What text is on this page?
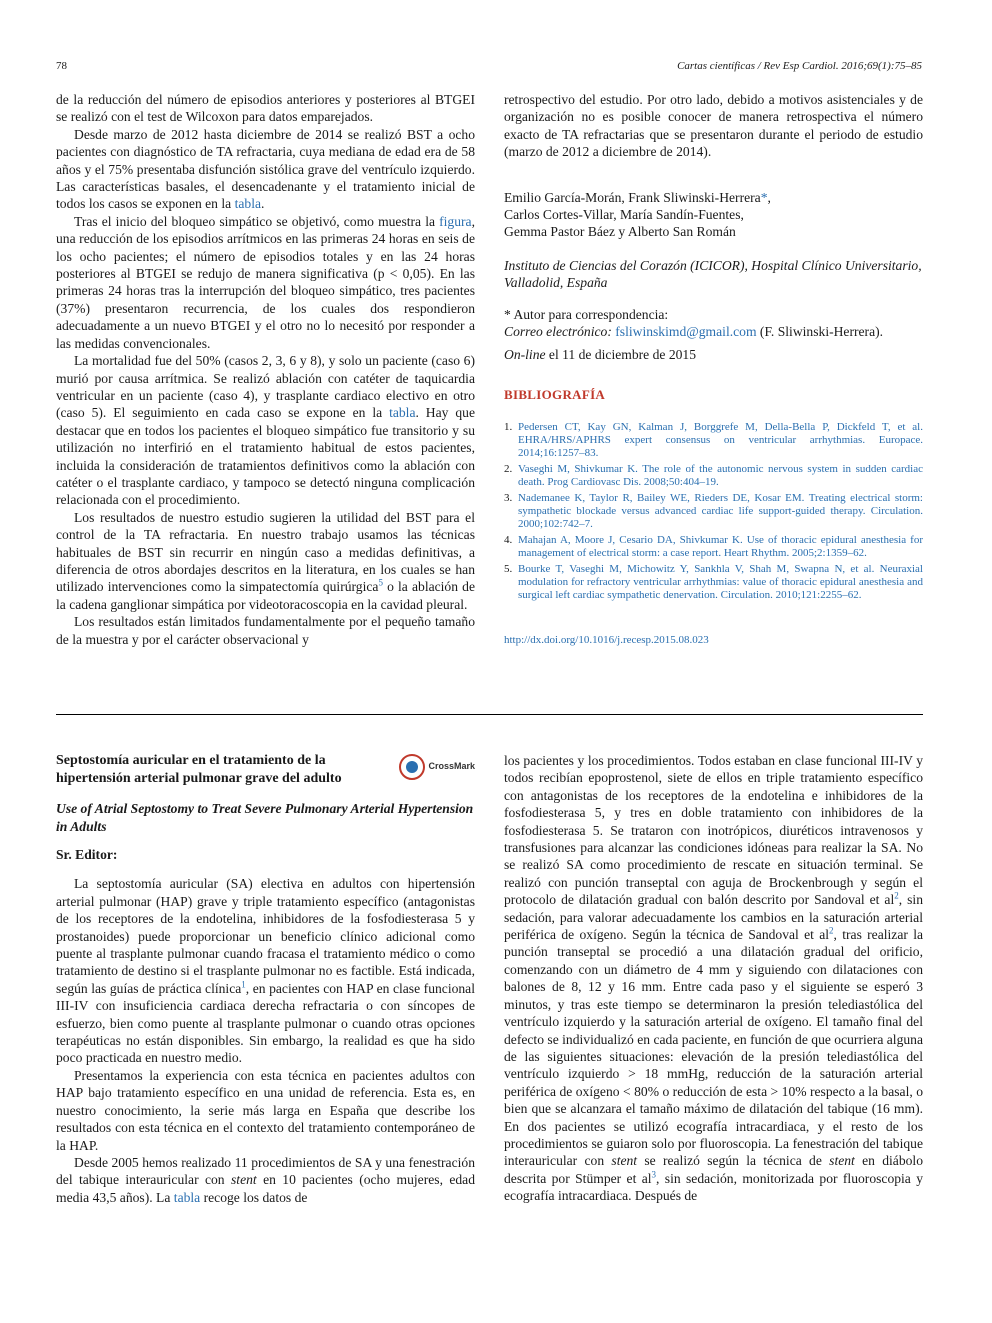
78	Cartas científicas / Rev Esp Cardiol. 2016;69(1):75–85

de la reducción del número de episodios anteriores y posteriores al BTGEI se realizó con el test de Wilcoxon para datos emparejados.

Desde marzo de 2012 hasta diciembre de 2014 se realizó BST a ocho pacientes con diagnóstico de TA refractaria, cuya mediana de edad era de 58 años y el 75% presentaba disfunción sistólica grave del ventrículo izquierdo. Las características basales, el desencadenante y el tratamiento inicial de todos los casos se exponen en la tabla.

Tras el inicio del bloqueo simpático se objetivó, como muestra la figura, una reducción de los episodios arrítmicos en las primeras 24 horas en seis de los ocho pacientes; el número de episodios totales y en las 24 horas posteriores al BTGEI se redujo de manera significativa (p < 0,05). En las primeras 24 horas tras la interrupción del bloqueo simpático, tres pacientes (37%) presentaron recurrencia, de los cuales dos respondieron adecuadamente a un nuevo BTGEI y el otro no lo necesitó por responder a las medidas convencionales.

La mortalidad fue del 50% (casos 2, 3, 6 y 8), y solo un paciente (caso 6) murió por causa arrítmica. Se realizó ablación con catéter de taquicardia ventricular en un paciente (caso 4), y trasplante cardiaco electivo en otro (caso 5). El seguimiento en cada caso se expone en la tabla. Hay que destacar que en todos los pacientes el bloqueo simpático fue transitorio y su utilización no interfirió en el tratamiento habitual de estos pacientes, incluida la consideración de tratamientos definitivos como la ablación con catéter o el trasplante cardiaco, y tampoco se detectó ninguna complicación relacionada con el procedimiento.

Los resultados de nuestro estudio sugieren la utilidad del BST para el control de la TA refractaria. En nuestro trabajo usamos las técnicas habituales de BST sin recurrir en ningún caso a medidas definitivas, a diferencia de otros abordajes descritos en la literatura, en los cuales se han utilizado intervenciones como la simpatectomía quirúrgica$^5$ o la ablación de la cadena ganglionar simpática por videotoracoscopia en la cavidad pleural.

Los resultados están limitados fundamentalmente por el pequeño tamaño de la muestra y por el carácter observacional y

retrospectivo del estudio. Por otro lado, debido a motivos asistenciales y de organización no es posible conocer de manera retrospectiva el número exacto de TA refractarias que se presentaron durante el periodo de estudio (marzo de 2012 a diciembre de 2014).

Emilio García-Morán, Frank Sliwinski-Herrera*,
Carlos Cortes-Villar, María Sandín-Fuentes,
Gemma Pastor Báez y Alberto San Román
Instituto de Ciencias del Corazón (ICICOR), Hospital Clínico Universitario, Valladolid, España
* Autor para correspondencia:
Correo electrónico: fsliwinskimd@gmail.com (F. Sliwinski-Herrera).
On-line el 11 de diciembre de 2015
BIBLIOGRAFÍA
1. Pedersen CT, Kay GN, Kalman J, Borggrefe M, Della-Bella P, Dickfeld T, et al. EHRA/HRS/APHRS expert consensus on ventricular arrhythmias. Europace. 2014;16:1257–83.
2. Vaseghi M, Shivkumar K. The role of the autonomic nervous system in sudden cardiac death. Prog Cardiovasc Dis. 2008;50:404–19.
3. Nademanee K, Taylor R, Bailey WE, Rieders DE, Kosar EM. Treating electrical storm: sympathetic blockade versus advanced cardiac life support-guided therapy. Circulation. 2000;102:742–7.
4. Mahajan A, Moore J, Cesario DA, Shivkumar K. Use of thoracic epidural anesthesia for management of electrical storm: a case report. Heart Rhythm. 2005;2:1359–62.
5. Bourke T, Vaseghi M, Michowitz Y, Sankhla V, Shah M, Swapna N, et al. Neuraxial modulation for refractory ventricular arrhythmias: value of thoracic epidural anesthesia and surgical left cardiac sympathetic denervation. Circulation. 2010;121:2255–62.
http://dx.doi.org/10.1016/j.recesp.2015.08.023
Septostomía auricular en el tratamiento de la hipertensión arterial pulmonar grave del adulto
CrossMark
Use of Atrial Septostomy to Treat Severe Pulmonary Arterial Hypertension in Adults
Sr. Editor:

La septostomía auricular (SA) electiva en adultos con hipertensión arterial pulmonar (HAP) grave y triple tratamiento específico (antagonistas de los receptores de la endotelina, inhibidores de la fosfodiesterasa 5 y prostanoides) puede proporcionar un beneficio clínico adicional como puente al trasplante pulmonar cuando fracasa el tratamiento médico o como tratamiento de destino si el trasplante pulmonar no es factible. Está indicada, según las guías de práctica clínica$^1$, en pacientes con HAP en clase funcional III-IV con insuficiencia cardiaca derecha refractaria o con síncopes de esfuerzo, bien como puente al trasplante pulmonar o cuando otras opciones terapéuticas no están disponibles. Sin embargo, la realidad es que ha sido poco practicada en nuestro medio.

Presentamos la experiencia con esta técnica en pacientes adultos con HAP bajo tratamiento específico en una unidad de referencia. Esta es, en nuestro conocimiento, la serie más larga en España que describe los resultados con esta técnica en el contexto del tratamiento contemporáneo de la HAP.

Desde 2005 hemos realizado 11 procedimientos de SA y una fenestración del tabique interauricular con stent en 10 pacientes (ocho mujeres, edad media 43,5 años). La tabla recoge los datos de

los pacientes y los procedimientos. Todos estaban en clase funcional III-IV y todos recibían epoprostenol, siete de ellos en triple tratamiento específico con antagonistas de los receptores de la endotelina e inhibidores de la fosfodiesterasa 5, y tres en doble tratamiento con inhibidores de la fosfodiesterasa 5. Se trataron con inotrópicos, diuréticos intravenosos y transfusiones para alcanzar las condiciones idóneas para realizar la SA. No se realizó SA como procedimiento de rescate en situación terminal. Se realizó con punción transeptal con aguja de Brockenbrough y según el protocolo de dilatación gradual con balón descrito por Sandoval et $al^2$, sin sedación, para valorar adecuadamente los cambios en la saturación arterial periférica de oxígeno. Según la técnica de Sandoval et $al^2$, tras realizar la punción transeptal se procedió a una dilatación gradual del orificio, comenzando con un diámetro de 4 mm y siguiendo con dilataciones con balones de 8, 12 y 16 mm. Entre cada paso y el siguiente se esperó 3 minutos, y tras este tiempo se determinaron la presión telediastólica del ventrículo izquierdo y la saturación arterial de oxígeno. El tamaño final del defecto se individualizó en cada paciente, en función de que ocurriera alguna de las siguientes situaciones: elevación de la presión telediastólica del ventrículo izquierdo > 18 mmHg, reducción de la saturación arterial periférica de oxígeno < 80% o reducción de esta > 10% respecto a la basal, o bien que se alcanzara el tamaño máximo de dilatación del tabique (16 mm). En dos pacientes se utilizó ecografía intracardiaca, y el resto de los procedimientos se guiaron solo por fluoroscopia. La fenestración del tabique interauricular con stent se realizó según la técnica de stent en diábolo descrita por Stümper et $al^3$, sin sedación, monitorizada por fluoroscopia y ecografía intracardiaca. Después de
